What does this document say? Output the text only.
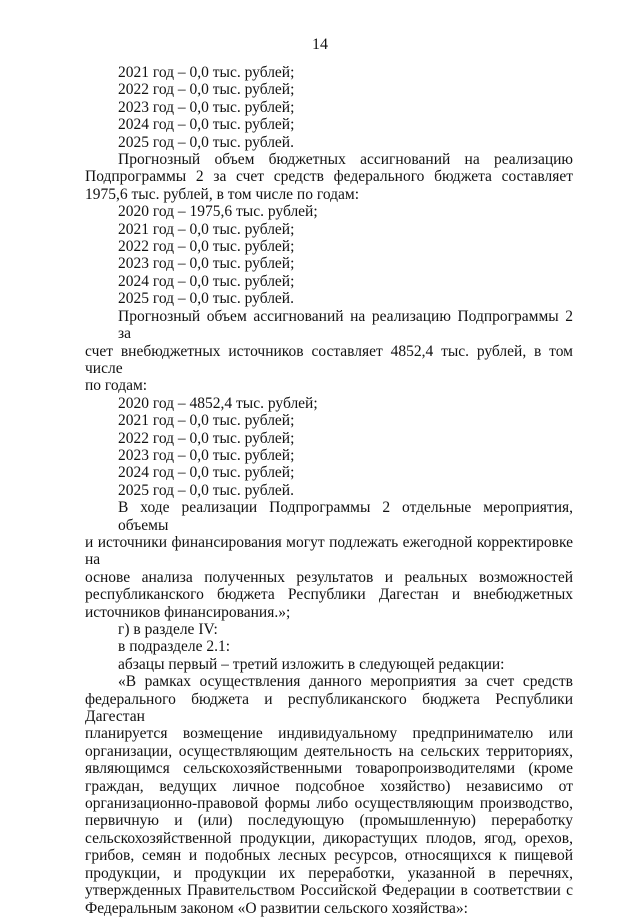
14
2021 год – 0,0 тыс. рублей;
2022 год – 0,0 тыс. рублей;
2023 год – 0,0 тыс. рублей;
2024 год – 0,0 тыс. рублей;
2025 год – 0,0 тыс. рублей.
Прогнозный объем бюджетных ассигнований на реализацию
Подпрограммы 2 за счет средств федерального бюджета составляет
1975,6 тыс. рублей, в том числе по годам:
2020 год – 1975,6 тыс. рублей;
2021 год – 0,0 тыс. рублей;
2022 год – 0,0 тыс. рублей;
2023 год – 0,0 тыс. рублей;
2024 год – 0,0 тыс. рублей;
2025 год – 0,0 тыс. рублей.
Прогнозный объем ассигнований на реализацию Подпрограммы 2 за
счет внебюджетных источников составляет 4852,4 тыс. рублей, в том числе
по годам:
2020 год – 4852,4 тыс. рублей;
2021 год – 0,0 тыс. рублей;
2022 год – 0,0 тыс. рублей;
2023 год – 0,0 тыс. рублей;
2024 год – 0,0 тыс. рублей;
2025 год – 0,0 тыс. рублей.
В ходе реализации Подпрограммы 2 отдельные мероприятия, объемы
и источники финансирования могут подлежать ежегодной корректировке на
основе анализа полученных результатов и реальных возможностей
республиканского бюджета Республики Дагестан и внебюджетных
источников финансирования.»;
г) в разделе IV:
в подразделе 2.1:
абзацы первый – третий изложить в следующей редакции:
«В рамках осуществления данного мероприятия за счет средств
федерального бюджета и республиканского бюджета Республики Дагестан
планируется возмещение индивидуальному предпринимателю или
организации, осуществляющим деятельность на сельских территориях,
являющимся сельскохозяйственными товаропроизводителями (кроме
граждан, ведущих личное подсобное хозяйство) независимо от
организационно-правовой формы либо осуществляющим производство,
первичную и (или) последующую (промышленную) переработку
сельскохозяйственной продукции, дикорастущих плодов, ягод, орехов,
грибов, семян и подобных лесных ресурсов, относящихся к пищевой
продукции, и продукции их переработки, указанной в перечнях,
утвержденных Правительством Российской Федерации в соответствии с
Федеральным законом «О развитии сельского хозяйства»:
